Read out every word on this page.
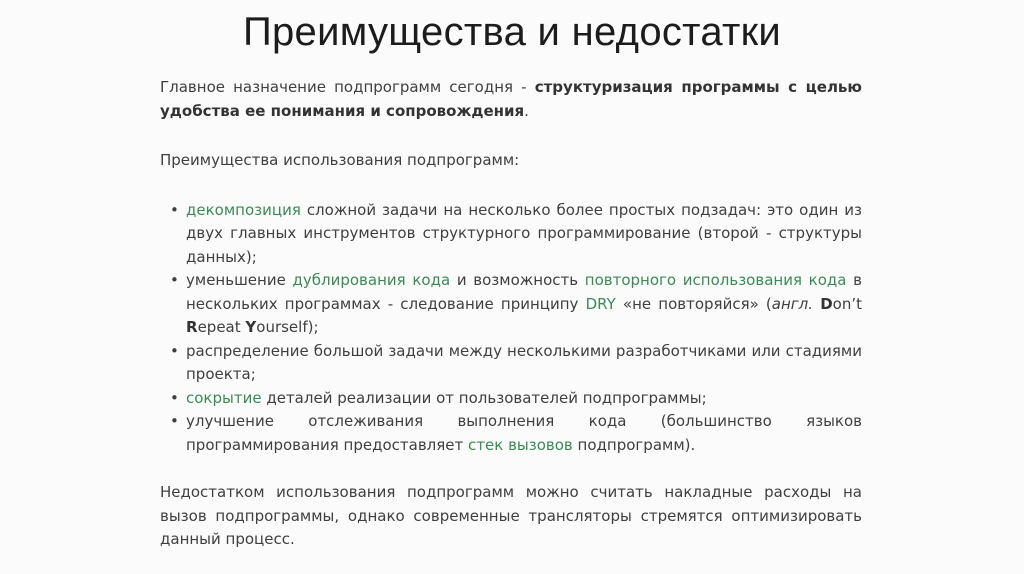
Преимущества и недостатки

Главное назначение подпрограмм сегодня - структуризация программы с целью удобства ее понимания и сопровождения.

Преимущества использования подпрограмм:

• декомпозиция сложной задачи на несколько более простых подзадач: это один из двух главных инструментов структурного программирование (второй - структуры данных);
• уменьшение дублирования кода и возможность повторного использования кода в нескольких программах - следование принципу DRY «не повторяйся» (англ. Don’t Repeat Yourself);
• распределение большой задачи между несколькими разработчиками или стадиями проекта;
• сокрытие деталей реализации от пользователей подпрограммы;
• улучшение отслеживания выполнения кода (большинство языков программирования предоставляет стек вызовов подпрограмм).

Недостатком использования подпрограмм можно считать накладные расходы на вызов подпрограммы, однако современные трансляторы стремятся оптимизировать данный процесс.
